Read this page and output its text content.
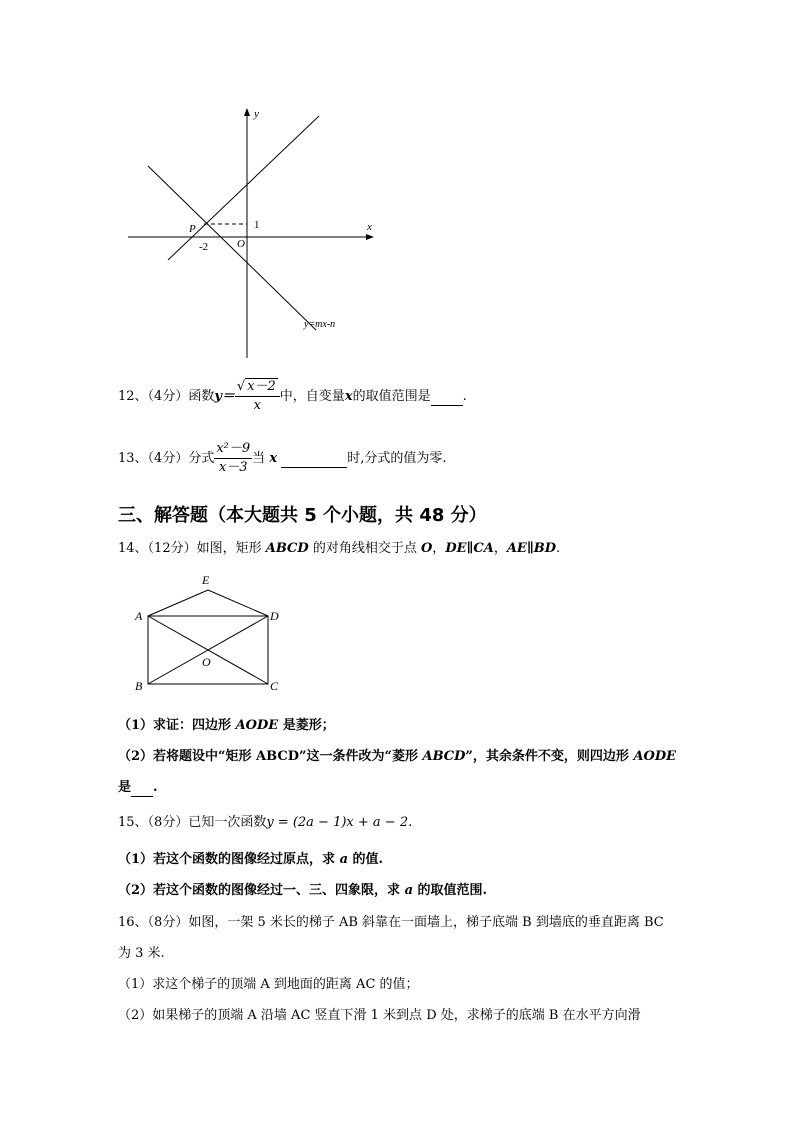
y
x
P
O
-2
1
y=mx-n
12、（4分）函数$y= \frac{√ x-2}{x}$ 中，自变量x的取值范围是 .
13、（4分）分式 $\frac{\text{x²－9}}{x-3}$ 当 x	时,分式的值为零.
三、解答题（本大题共 5 个小题，共 48 分）
14、（12分）如图，矩形 ABCD 的对角线相交于点 O，DE∥CA，AE∥BD.
E
A	D
O
B	C
（1）求证：四边形 AODE 是菱形；
（2）若将题设中“矩形 ABCD”这一条件改为“菱形 ABCD”，其余条件不变，则四边形 AODE
是 .
15、（8分）已知一次函数y = (2a − 1)x + a − 2.
（1）若这个函数的图像经过原点，求 a 的值.
（2）若这个函数的图像经过一、三、四象限，求 a 的取值范围.
16、（8分）如图，一架 5 米长的梯子 AB 斜靠在一面墙上，梯子底端 B 到墙底的垂直距离 BC
为 3 米.
（1）求这个梯子的顶端 A 到地面的距离 AC 的值；
（2）如果梯子的顶端 A 沿墙 AC 竖直下滑 1 米到点 D 处，求梯子的底端 B 在水平方向滑
